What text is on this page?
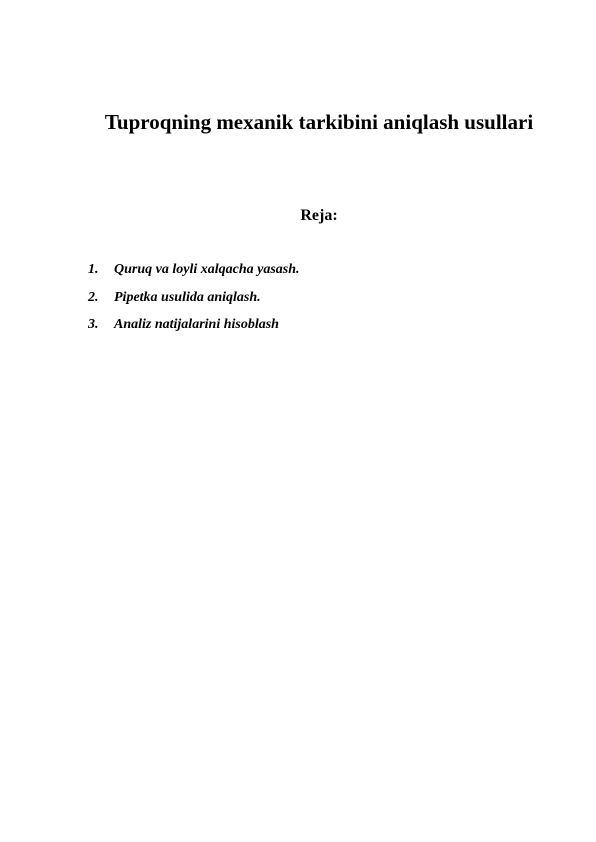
Tuproqning mexanik tarkibini aniqlash usullari
Reja:
1.	Quruq va loyli xalqacha yasash.
2.	Pipetka usulida aniqlash.
3.	Analiz natijalarini hisoblash
